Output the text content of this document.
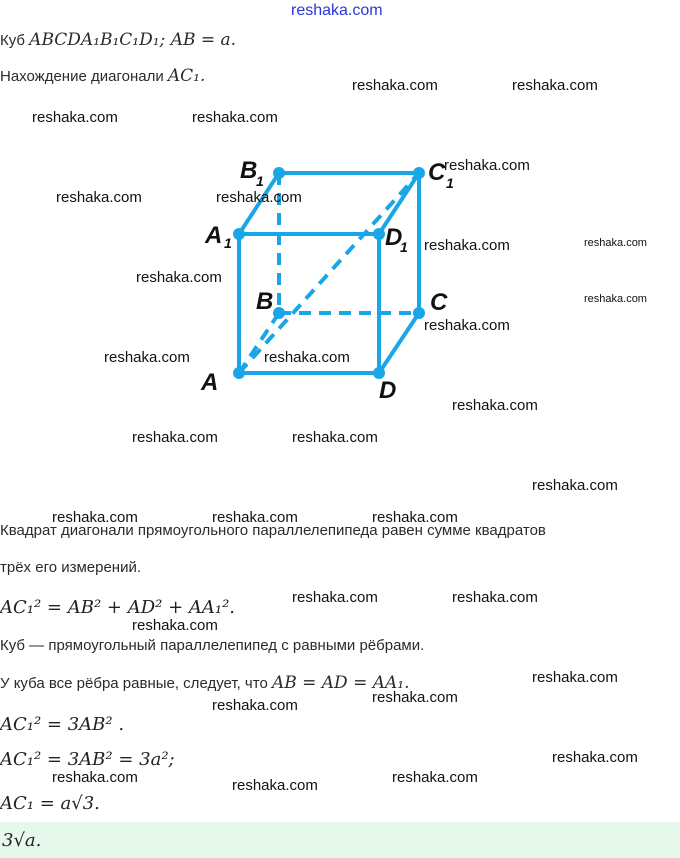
reshaka.com
Куб ABCDA₁B₁C₁D₁; AB = a.
Нахождение диагонали AC₁.
A	D
B	C
A 1
B
1	C 1
D
1
Квадрат диагонали прямоугольного параллелепипеда равен сумме квадратов
трёх его измерений.
AC₁² = AB² + AD² + AA₁².
Куб — прямоугольный параллелепипед с равными рёбрами.
У куба все рёбра равные, следует, что AB = AD = AA₁.
AC₁² = 3AB² .
AC₁² = 3AB² = 3a²;
AC₁ = a√3.
3√a.
reshaka.com	reshaka.com
reshaka.com	reshaka.com
reshaka.com
reshaka.com	reshaka.com
reshaka.com	reshaka.com
reshaka.com
reshaka.com
reshaka.com
reshaka.com	reshaka.com
reshaka.com
reshaka.com	reshaka.com
reshaka.com
reshaka.com	reshaka.com	reshaka.com
reshaka.com	reshaka.com
reshaka.com
reshaka.com
reshaka.com
reshaka.com
reshaka.com
reshaka.com	reshaka.com
reshaka.com
